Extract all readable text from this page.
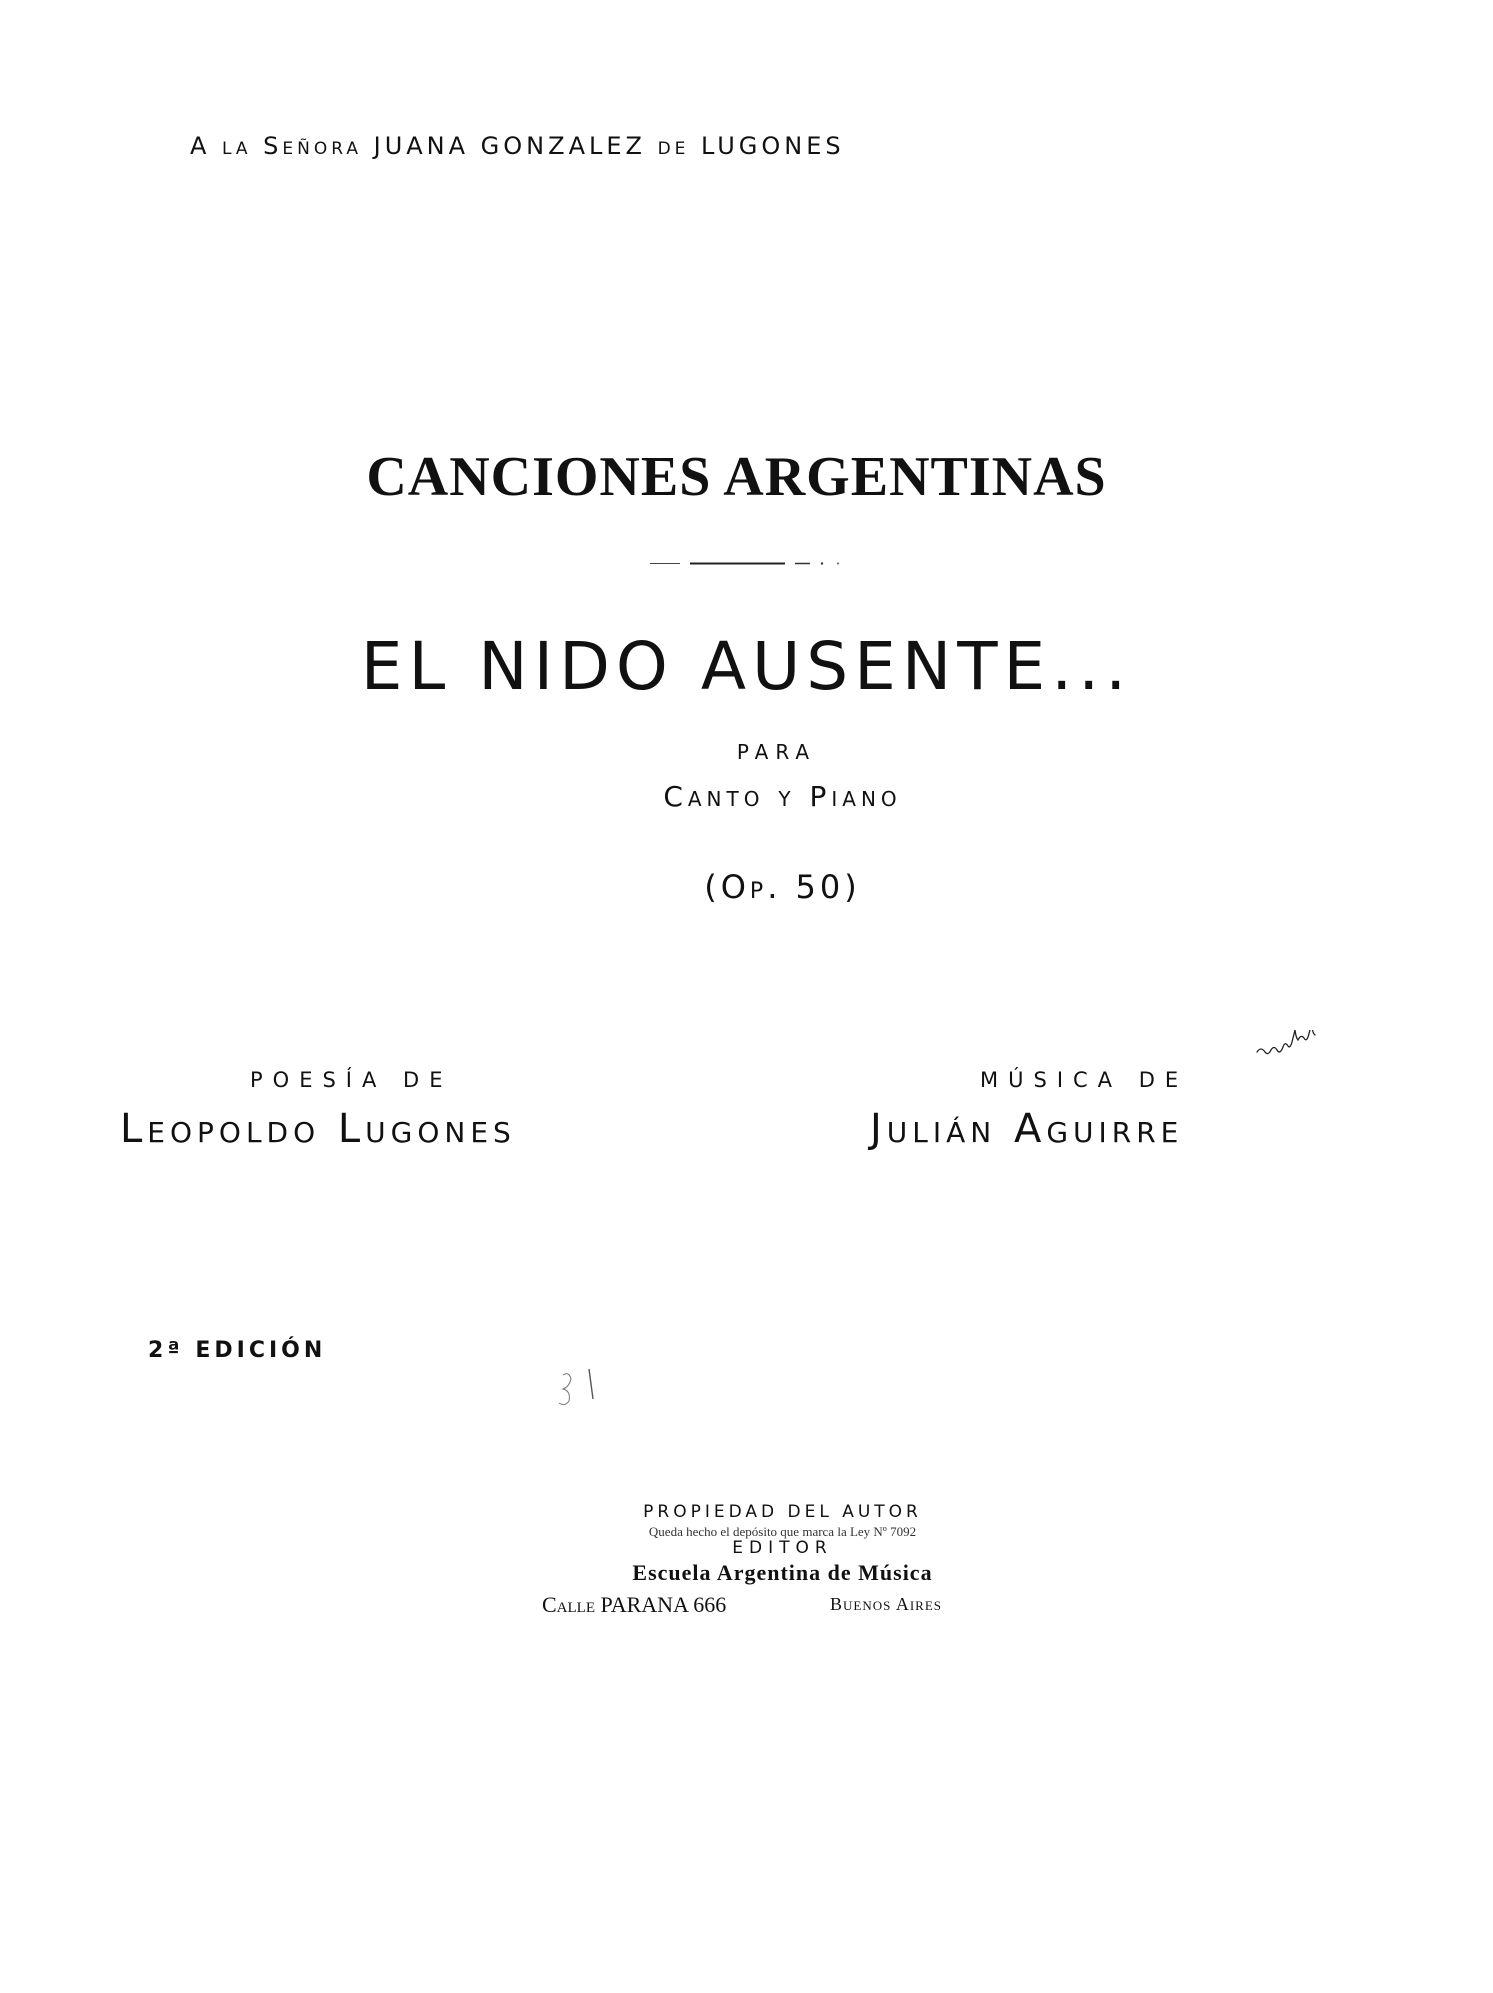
A la Señora JUANA GONZALEZ de LUGONES
CANCIONES ARGENTINAS
EL NIDO AUSENTE...
PARA
Canto y Piano
(Op. 50)
POESÍA DE
Leopoldo Lugones
MÚSICA DE
Julián Aguirre
2ª EDICIÓN
PROPIEDAD DEL AUTOR
Queda hecho el depósito que marca la Ley Nº 7092
EDITOR
Escuela Argentina de Música
Calle PARANA 666	Buenos Aires
